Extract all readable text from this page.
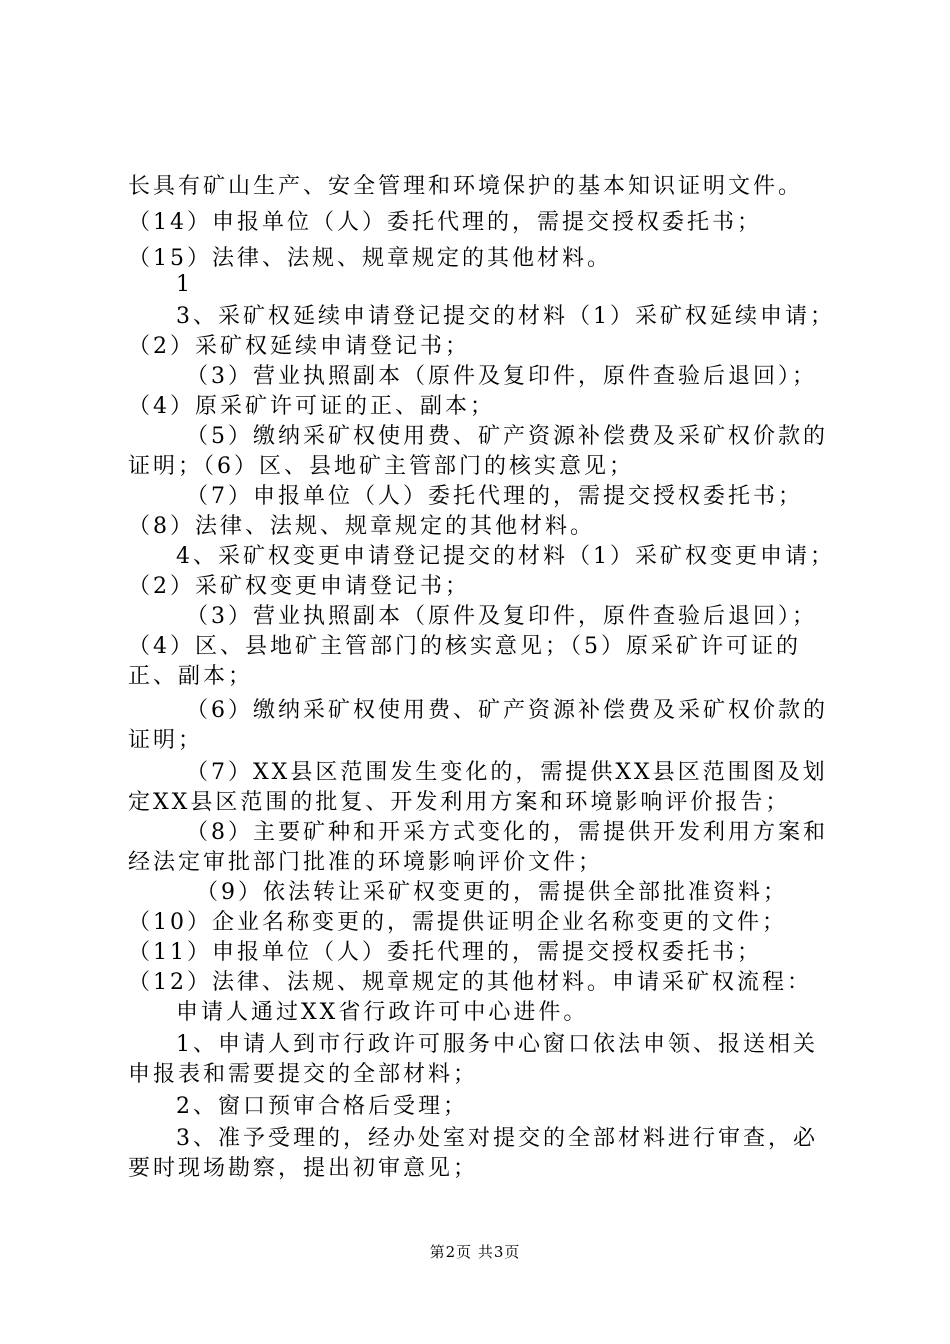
长具有矿山生产、安全管理和环境保护的基本知识证明文件。
（14）申报单位（人）委托代理的，需提交授权委托书；
（15）法律、法规、规章规定的其他材料。
1
3、采矿权延续申请登记提交的材料（1）采矿权延续申请；
（2）采矿权延续申请登记书；
（3）营业执照副本（原件及复印件，原件查验后退回）；
（4）原采矿许可证的正、副本；
（5）缴纳采矿权使用费、矿产资源补偿费及采矿权价款的
证明；（6）区、县地矿主管部门的核实意见；
（7）申报单位（人）委托代理的，需提交授权委托书；
（8）法律、法规、规章规定的其他材料。
4、采矿权变更申请登记提交的材料（1）采矿权变更申请；
（2）采矿权变更申请登记书；
（3）营业执照副本（原件及复印件，原件查验后退回）；
（4）区、县地矿主管部门的核实意见；（5）原采矿许可证的
正、副本；
（6）缴纳采矿权使用费、矿产资源补偿费及采矿权价款的
证明；
（7）XX县区范围发生变化的，需提供XX县区范围图及划
定XX县区范围的批复、开发利用方案和环境影响评价报告；
（8）主要矿种和开采方式变化的，需提供开发利用方案和
经法定审批部门批准的环境影响评价文件；
（9）依法转让采矿权变更的，需提供全部批准资料；
（10）企业名称变更的，需提供证明企业名称变更的文件；
（11）申报单位（人）委托代理的，需提交授权委托书；
（12）法律、法规、规章规定的其他材料。申请采矿权流程：
申请人通过XX省行政许可中心进件。
1、申请人到市行政许可服务中心窗口依法申领、报送相关
申报表和需要提交的全部材料；
2、窗口预审合格后受理；
3、准予受理的，经办处室对提交的全部材料进行审查，必
要时现场勘察，提出初审意见；
第2页 共3页
